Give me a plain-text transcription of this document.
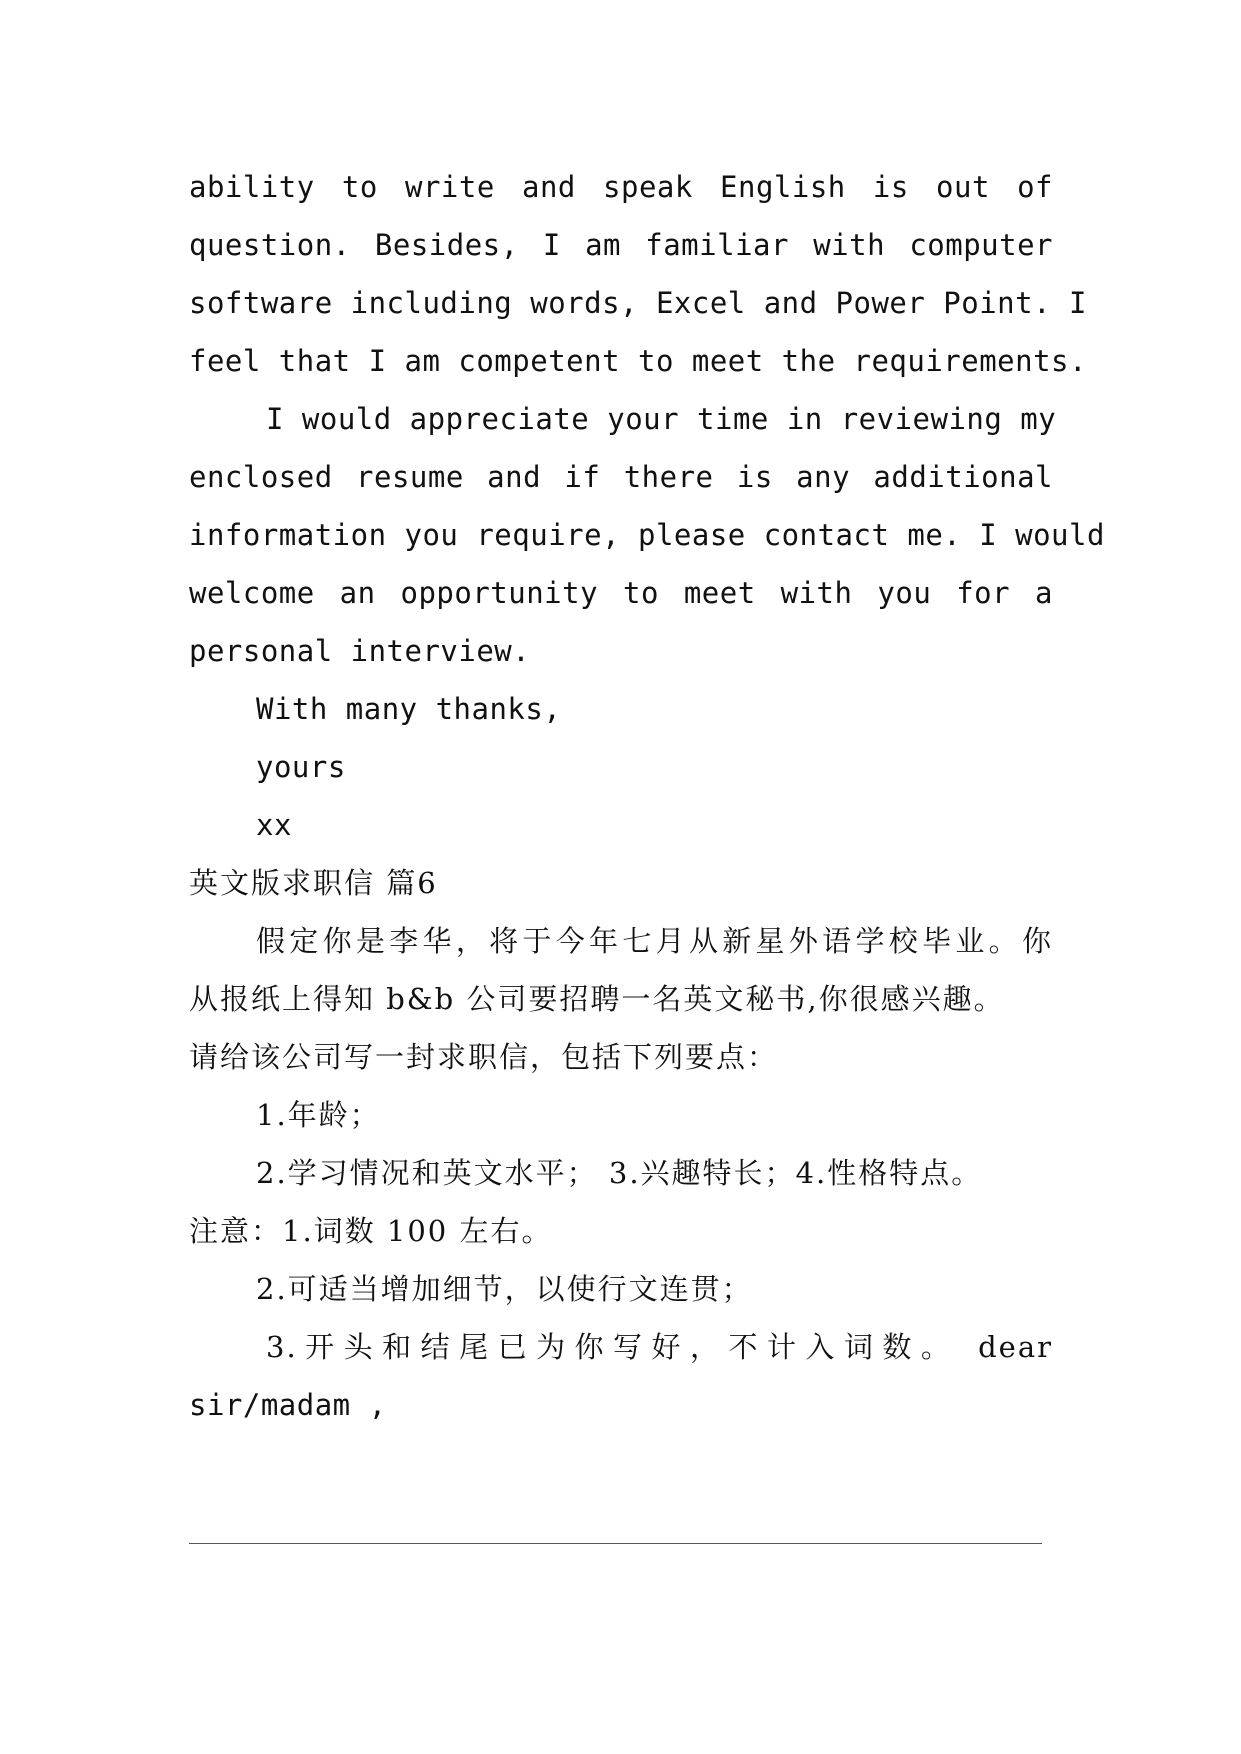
ability to write and speak English is out of
question. Besides, I am familiar with computer
software including words, Excel and Power Point. I
feel that I am competent to meet the requirements.
I would appreciate your time in reviewing my
enclosed resume and if there is any additional
information you require, please contact me. I would
welcome an opportunity to meet with you for a
personal interview.
With many thanks,
yours
xx
英文版求职信 篇6
假定你是李华，将于今年七月从新星外语学校毕业。你
从报纸上得知 b&b 公司要招聘一名英文秘书,你很感兴趣。
请给该公司写一封求职信，包括下列要点：
1.年龄；
2.学习情况和英文水平； 3.兴趣特长；4.性格特点。
注意：1.词数 100 左右。
2.可适当增加细节，以使行文连贯；
3.开头和结尾已为你写好，不计入词数。 dear
sir/madam ,
